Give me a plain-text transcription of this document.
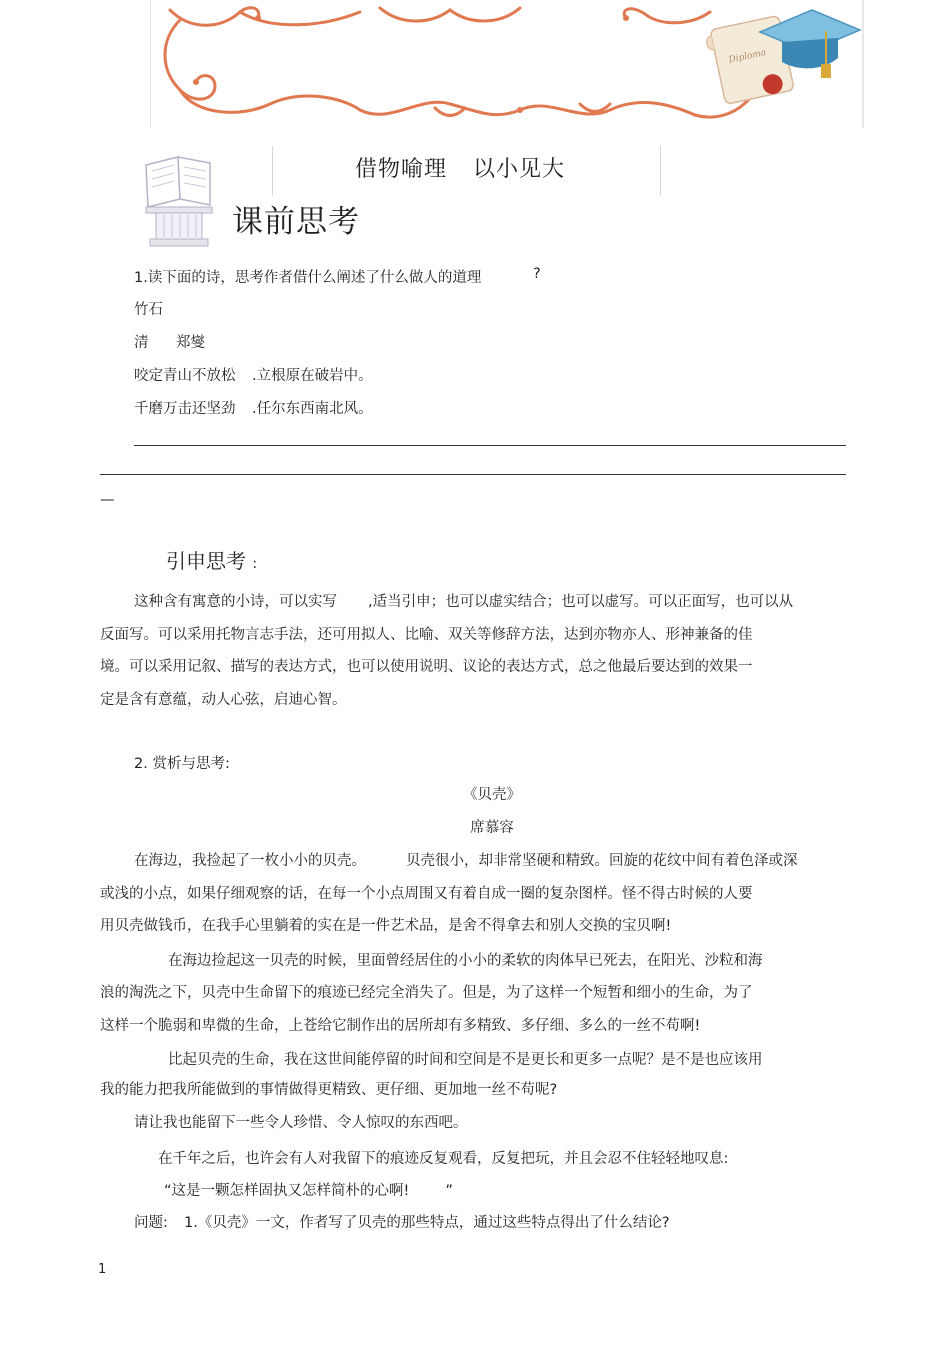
Diploma
借物喻理 以小见大
课前思考
1.读下面的诗，思考作者借什么阐述了什么做人的道理	?
竹石
清 郑燮
咬定青山不放松 .立根原在破岩中。
千磨万击还坚劲 .任尔东西南北风。
—
引申思考 :
这种含有寓意的小诗，可以实写 ,适当引申；也可以虚实结合；也可以虚写。可以正面写，也可以从
反面写。可以采用托物言志手法，还可用拟人、比喻、双关等修辞方法，达到亦物亦人、形神兼备的佳
境。可以采用记叙、描写的表达方式，也可以使用说明、议论的表达方式，总之他最后要达到的效果一
定是含有意蕴，动人心弦，启迪心智。
2. 赏析与思考:
《贝壳》
席慕容
在海边，我捡起了一枚小小的贝壳。	贝壳很小，却非常坚硬和精致。回旋的花纹中间有着色泽或深
或浅的小点，如果仔细观察的话，在每一个小点周围又有着自成一圈的复杂图样。怪不得古时候的人要
用贝壳做钱币，在我手心里躺着的实在是一件艺术品，是舍不得拿去和别人交换的宝贝啊!
在海边捡起这一贝壳的时候，里面曾经居住的小小的柔软的肉体早已死去，在阳光、沙粒和海
浪的淘洗之下，贝壳中生命留下的痕迹已经完全消失了。但是，为了这样一个短暂和细小的生命，为了
这样一个脆弱和卑微的生命，上苍给它制作出的居所却有多精致、多仔细、多么的一丝不苟啊!
比起贝壳的生命，我在这世间能停留的时间和空间是不是更长和更多一点呢？是不是也应该用
我的能力把我所能做到的事情做得更精致、更仔细、更加地一丝不苟呢?
请让我也能留下一些令人珍惜、令人惊叹的东西吧。
在千年之后，也许会有人对我留下的痕迹反复观看，反复把玩，并且会忍不住轻轻地叹息:
“这是一颗怎样固执又怎样简朴的心啊! ”
问题: 1.《贝壳》一文，作者写了贝壳的那些特点，通过这些特点得出了什么结论?
1
